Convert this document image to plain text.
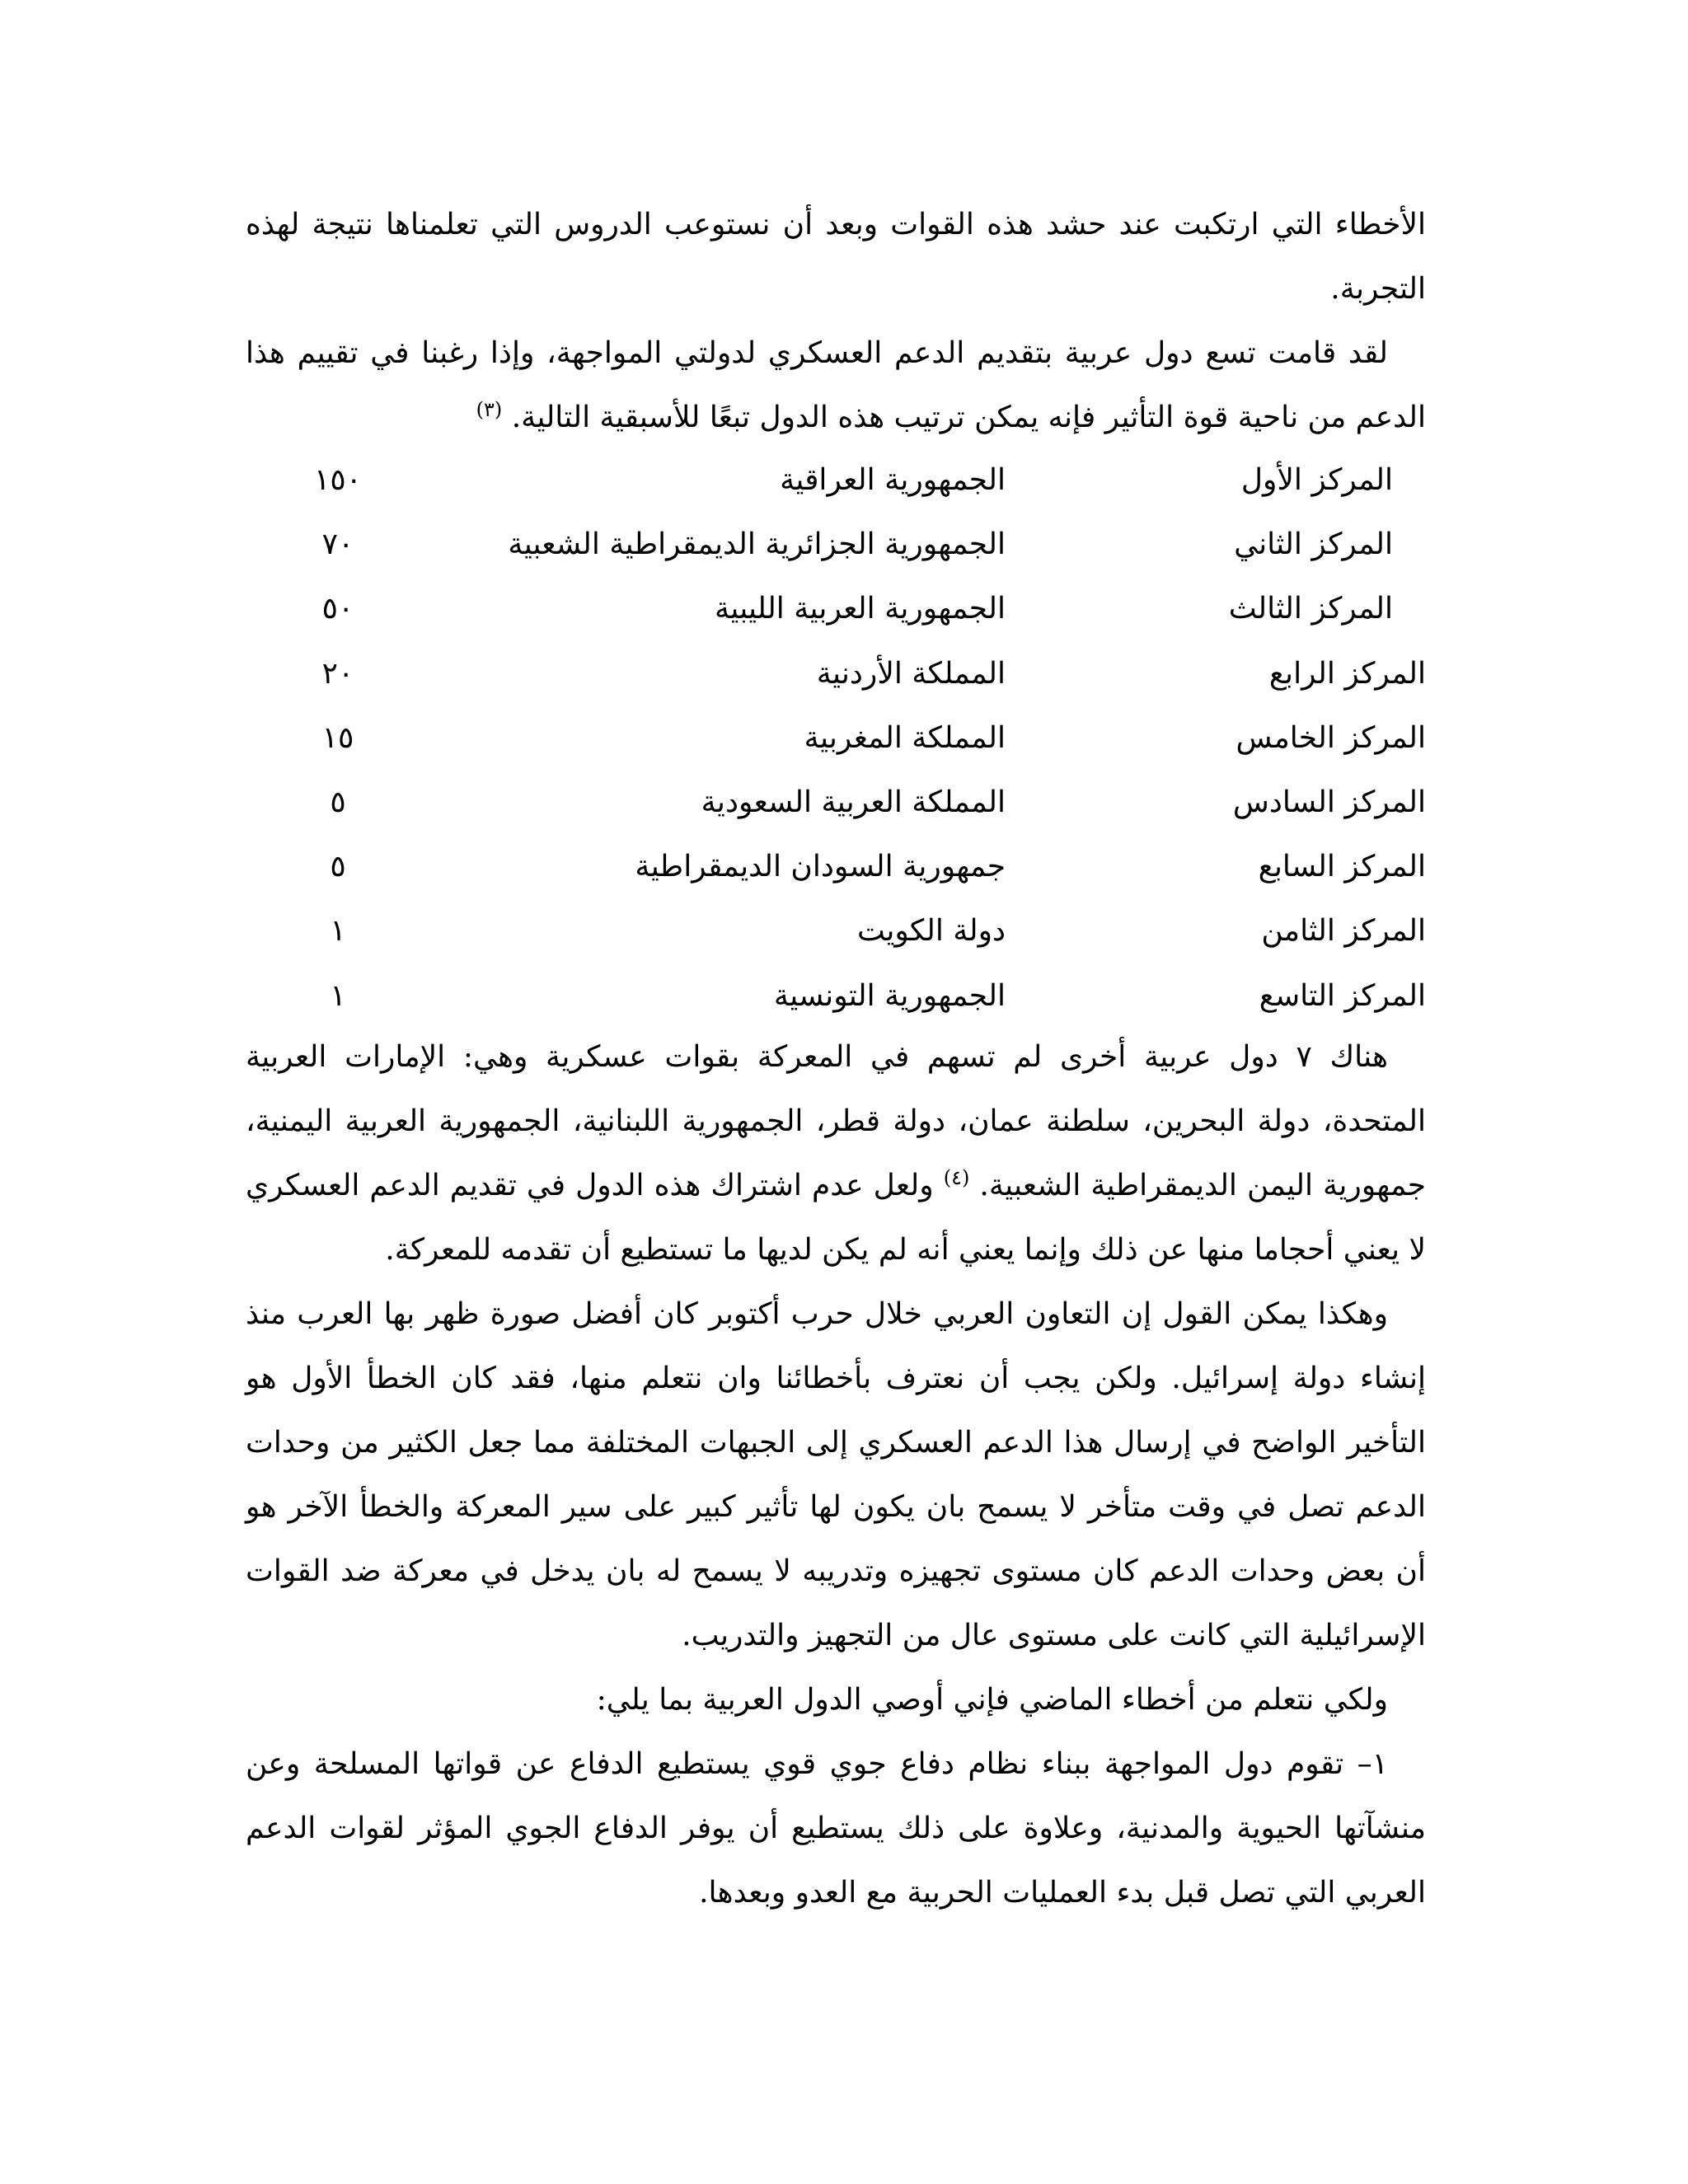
الأخطاء التي ارتكبت عند حشد هذه القوات وبعد أن نستوعب الدروس التي تعلمناها نتيجة لهذه التجربة.

لقد قامت تسع دول عربية بتقديم الدعم العسكري لدولتي المواجهة، وإذا رغبنا في تقييم هذا الدعم من ناحية قوة التأثير فإنه يمكن ترتيب هذه الدول تبعًا للأسبقية التالية. $^{(٣)}$

المركز الأول
الجمهورية العراقية
١٥٠
المركز الثاني
الجمهورية الجزائرية الديمقراطية الشعبية
٧٠
المركز الثالث
الجمهورية العربية الليبية
٥٠
المركز الرابع
المملكة الأردنية
٢٠
المركز الخامس
المملكة المغربية
١٥
المركز السادس
المملكة العربية السعودية
٥
المركز السابع
جمهورية السودان الديمقراطية
٥
المركز الثامن
دولة الكويت
١
المركز التاسع
الجمهورية التونسية
١

هناك ٧ دول عربية أخرى لم تسهم في المعركة بقوات عسكرية وهي: الإمارات العربية المتحدة، دولة البحرين، سلطنة عمان، دولة قطر، الجمهورية اللبنانية، الجمهورية العربية اليمنية، جمهورية اليمن الديمقراطية الشعبية. $^{(٤)}$ ولعل عدم اشتراك هذه الدول في تقديم الدعم العسكري لا يعني أحجاما منها عن ذلك وإنما يعني أنه لم يكن لديها ما تستطيع أن تقدمه للمعركة.

وهكذا يمكن القول إن التعاون العربي خلال حرب أكتوبر كان أفضل صورة ظهر بها العرب منذ إنشاء دولة إسرائيل. ولكن يجب أن نعترف بأخطائنا وان نتعلم منها، فقد كان الخطأ الأول هو التأخير الواضح في إرسال هذا الدعم العسكري إلى الجبهات المختلفة مما جعل الكثير من وحدات الدعم تصل في وقت متأخر لا يسمح بان يكون لها تأثير كبير على سير المعركة والخطأ الآخر هو أن بعض وحدات الدعم كان مستوى تجهيزه وتدريبه لا يسمح له بان يدخل في معركة ضد القوات الإسرائيلية التي كانت على مستوى عال من التجهيز والتدريب.

ولكي نتعلم من أخطاء الماضي فإني أوصي الدول العربية بما يلي:

١– تقوم دول المواجهة ببناء نظام دفاع جوي قوي يستطيع الدفاع عن قواتها المسلحة وعن منشآتها الحيوية والمدنية، وعلاوة على ذلك يستطيع أن يوفر الدفاع الجوي المؤثر لقوات الدعم العربي التي تصل قبل بدء العمليات الحربية مع العدو وبعدها.
